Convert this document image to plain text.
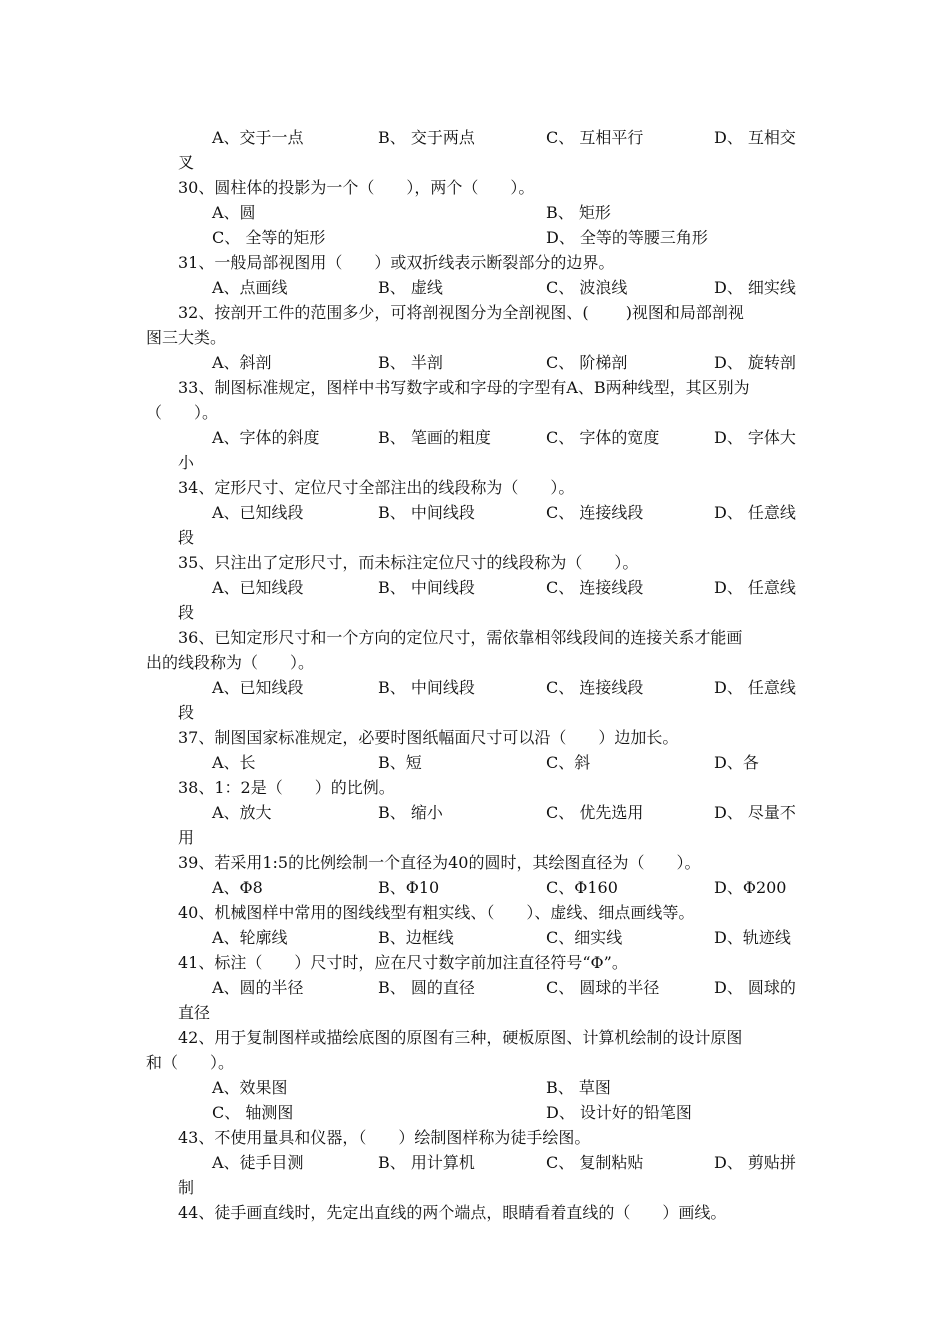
A、交于一点	B、 交于两点	C、 互相平行	D、 互相交
叉
30、圆柱体的投影为一个（　　），两个（　　）。
A、圆	B、 矩形
C、 全等的矩形	D、 全等的等腰三角形
31、一般局部视图用（　　）或双折线表示断裂部分的边界。
A、点画线	B、 虚线	C、 波浪线	D、 细实线
32、按剖开工件的范围多少，可将剖视图分为全剖视图、(　　 )视图和局部剖视
图三大类。
A、斜剖	B、 半剖	C、 阶梯剖	D、 旋转剖
33、制图标准规定，图样中书写数字或和字母的字型有A、B两种线型，其区别为
（　　）。
A、字体的斜度	B、 笔画的粗度	C、 字体的宽度	D、 字体大
小
34、定形尺寸、定位尺寸全部注出的线段称为（　　）。
A、已知线段	B、 中间线段	C、 连接线段	D、 任意线
段
35、只注出了定形尺寸，而未标注定位尺寸的线段称为（　　）。
A、已知线段	B、 中间线段	C、 连接线段	D、 任意线
段
36、已知定形尺寸和一个方向的定位尺寸，需依靠相邻线段间的连接关系才能画
出的线段称为（　　）。
A、已知线段	B、 中间线段	C、 连接线段	D、 任意线
段
37、制图国家标准规定，必要时图纸幅面尺寸可以沿（　　）边加长。
A、长	B、短	C、斜	D、各
38、1：2是（　　）的比例。
A、放大	B、 缩小	C、 优先选用	D、 尽量不
用
39、若采用1:5的比例绘制一个直径为40的圆时，其绘图直径为（　　）。
A、Φ8	B、Φ10	C、Φ160	D、Φ200
40、机械图样中常用的图线线型有粗实线、（　　）、虚线、细点画线等。
A、轮廓线	B、边框线	C、细实线	D、轨迹线
41、标注（　　）尺寸时，应在尺寸数字前加注直径符号“Φ”。
A、圆的半径	B、 圆的直径	C、 圆球的半径	D、 圆球的
直径
42、用于复制图样或描绘底图的原图有三种，硬板原图、计算机绘制的设计原图
和（　　）。
A、效果图	B、 草图
C、 轴测图	D、 设计好的铅笔图
43、不使用量具和仪器，（　　）绘制图样称为徒手绘图。
A、徒手目测	B、 用计算机	C、 复制粘贴	D、 剪贴拼
制
44、徒手画直线时，先定出直线的两个端点，眼睛看着直线的（　　）画线。
